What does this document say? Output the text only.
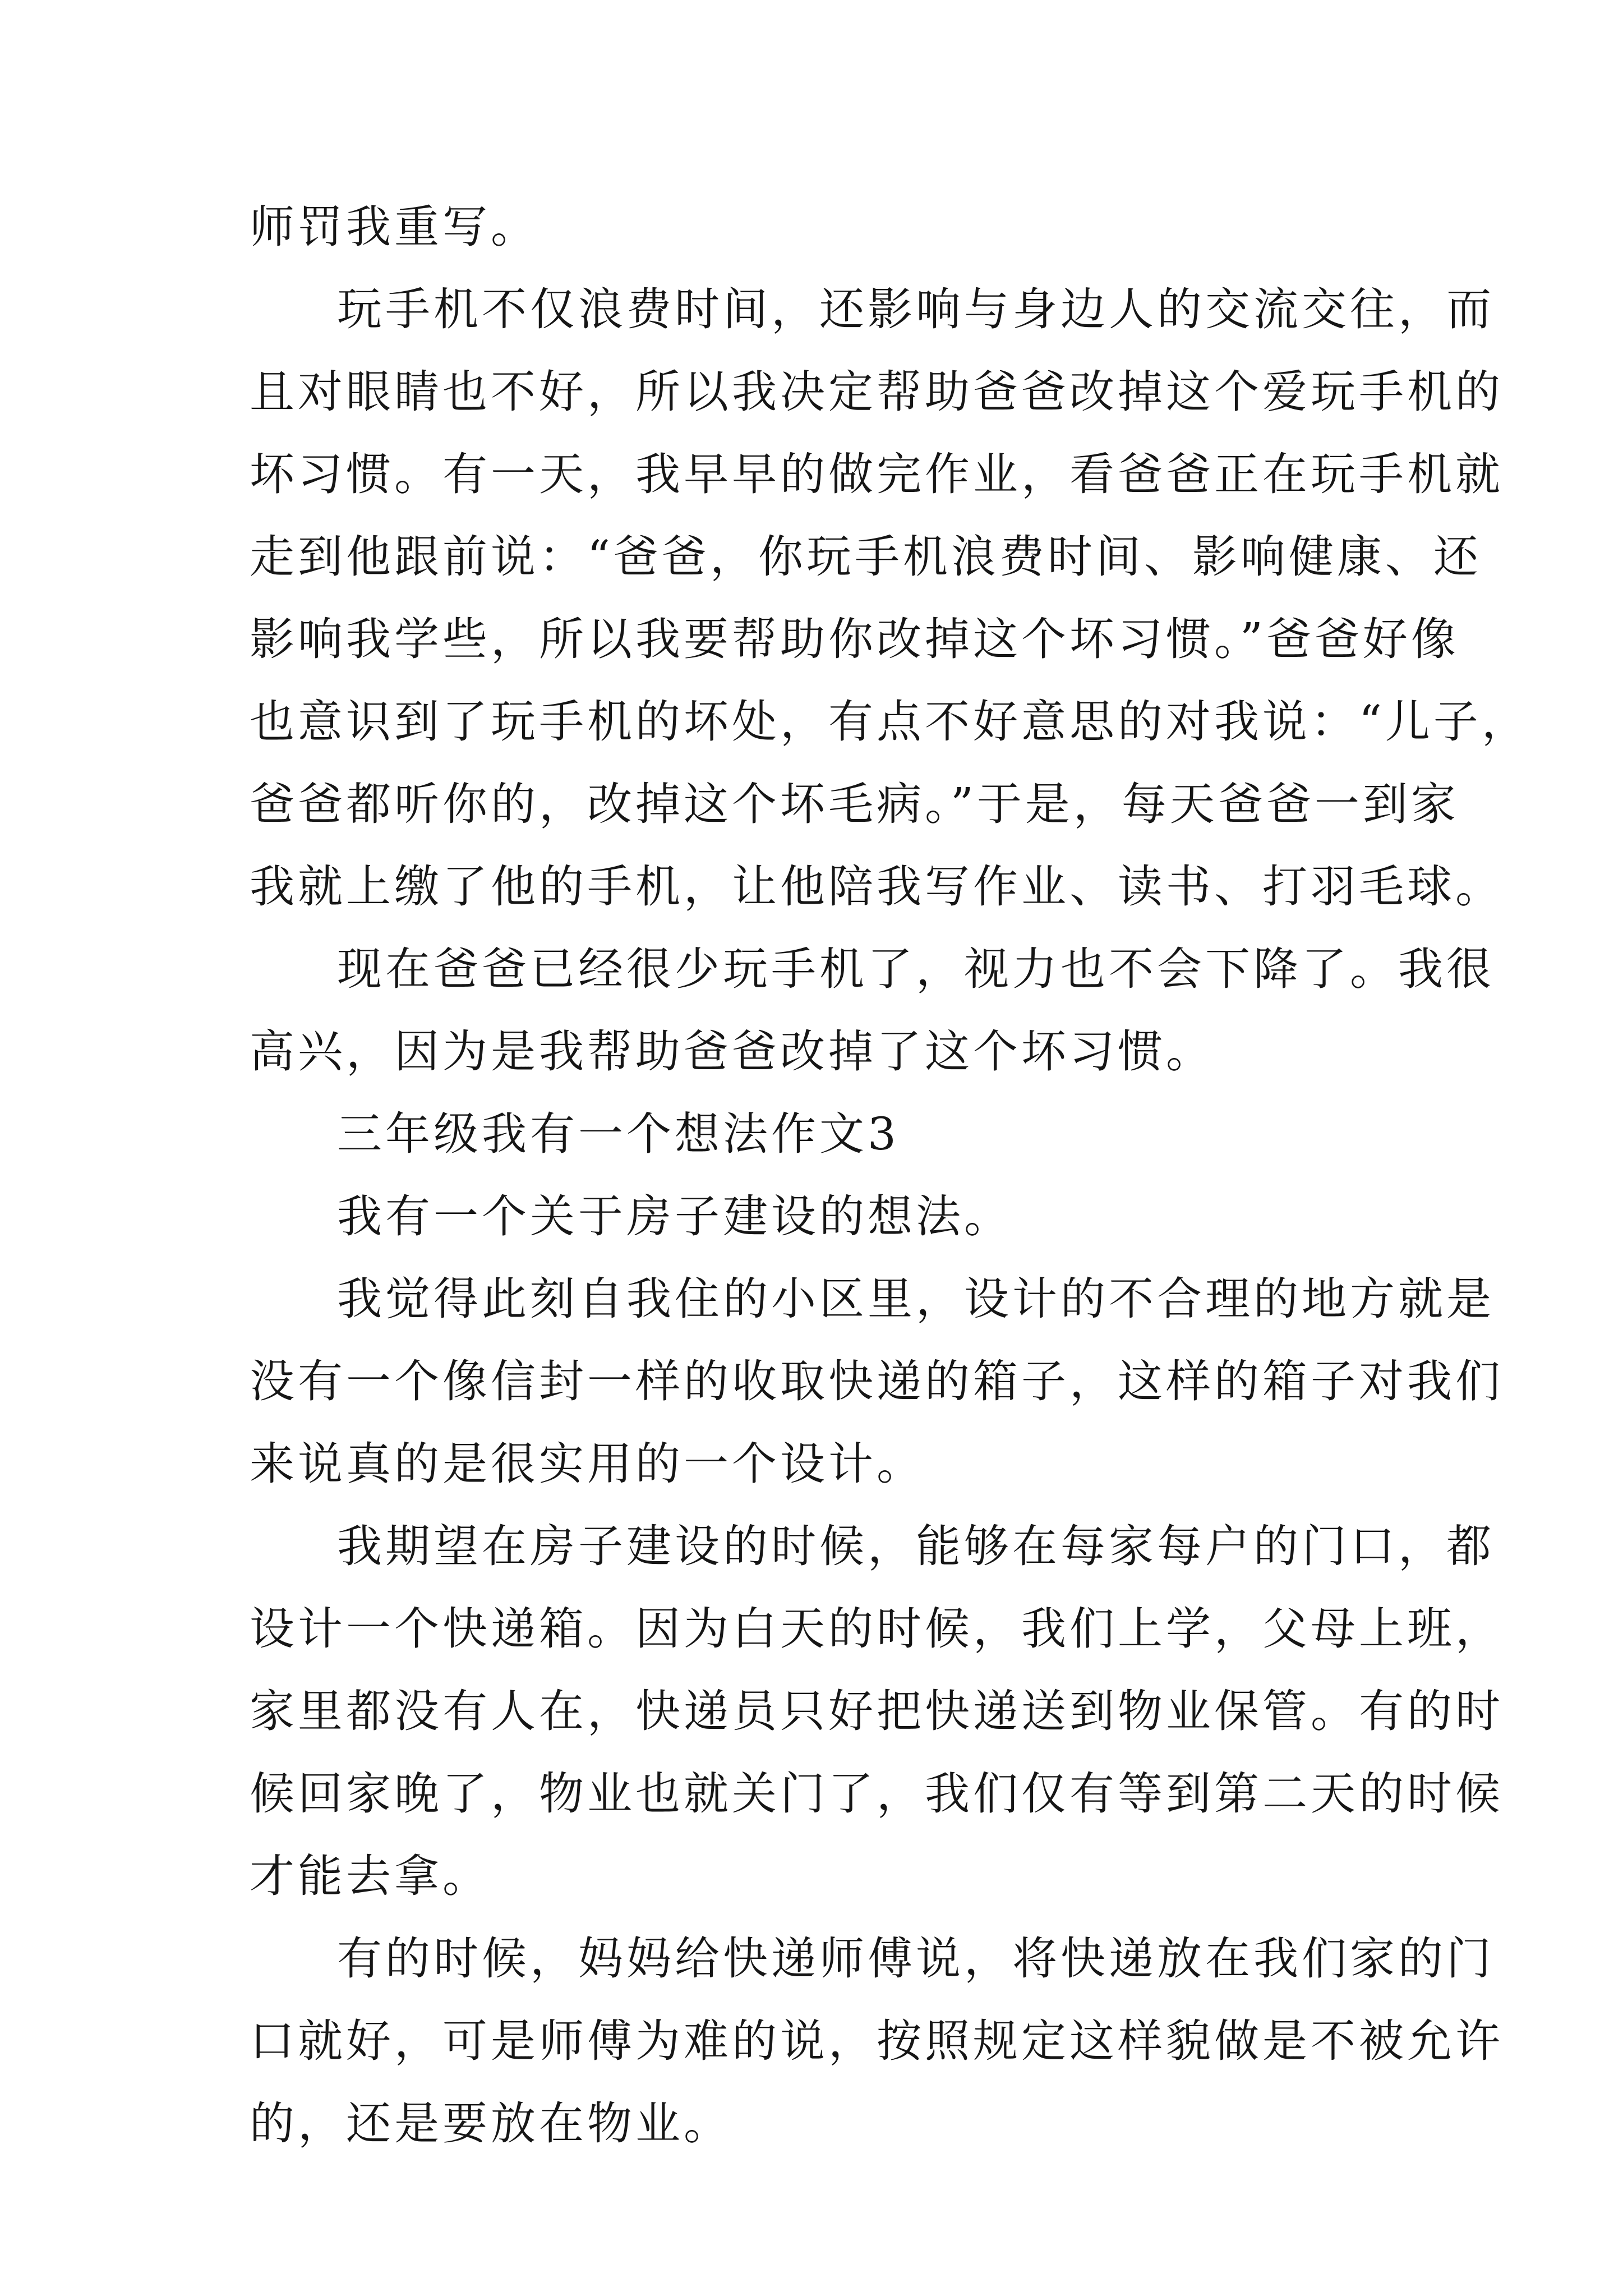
师罚我重写。
玩手机不仅浪费时间，还影响与身边人的交流交往，而
且对眼睛也不好，所以我决定帮助爸爸改掉这个爱玩手机的
坏习惯。有一天，我早早的做完作业，看爸爸正在玩手机就
走到他跟前说：“爸爸，你玩手机浪费时间、影响健康、还
影响我学些，所以我要帮助你改掉这个坏习惯。”爸爸好像
也意识到了玩手机的坏处，有点不好意思的对我说：“儿子，
爸爸都听你的，改掉这个坏毛病。”于是，每天爸爸一到家
我就上缴了他的手机，让他陪我写作业、读书、打羽毛球。
现在爸爸已经很少玩手机了，视力也不会下降了。我很
高兴，因为是我帮助爸爸改掉了这个坏习惯。
三年级我有一个想法作文3
我有一个关于房子建设的想法。
我觉得此刻自我住的小区里，设计的不合理的地方就是
没有一个像信封一样的收取快递的箱子，这样的箱子对我们
来说真的是很实用的一个设计。
我期望在房子建设的时候，能够在每家每户的门口，都
设计一个快递箱。因为白天的时候，我们上学，父母上班，
家里都没有人在，快递员只好把快递送到物业保管。有的时
候回家晚了，物业也就关门了，我们仅有等到第二天的时候
才能去拿。
有的时候，妈妈给快递师傅说，将快递放在我们家的门
口就好，可是师傅为难的说，按照规定这样貌做是不被允许
的，还是要放在物业。
